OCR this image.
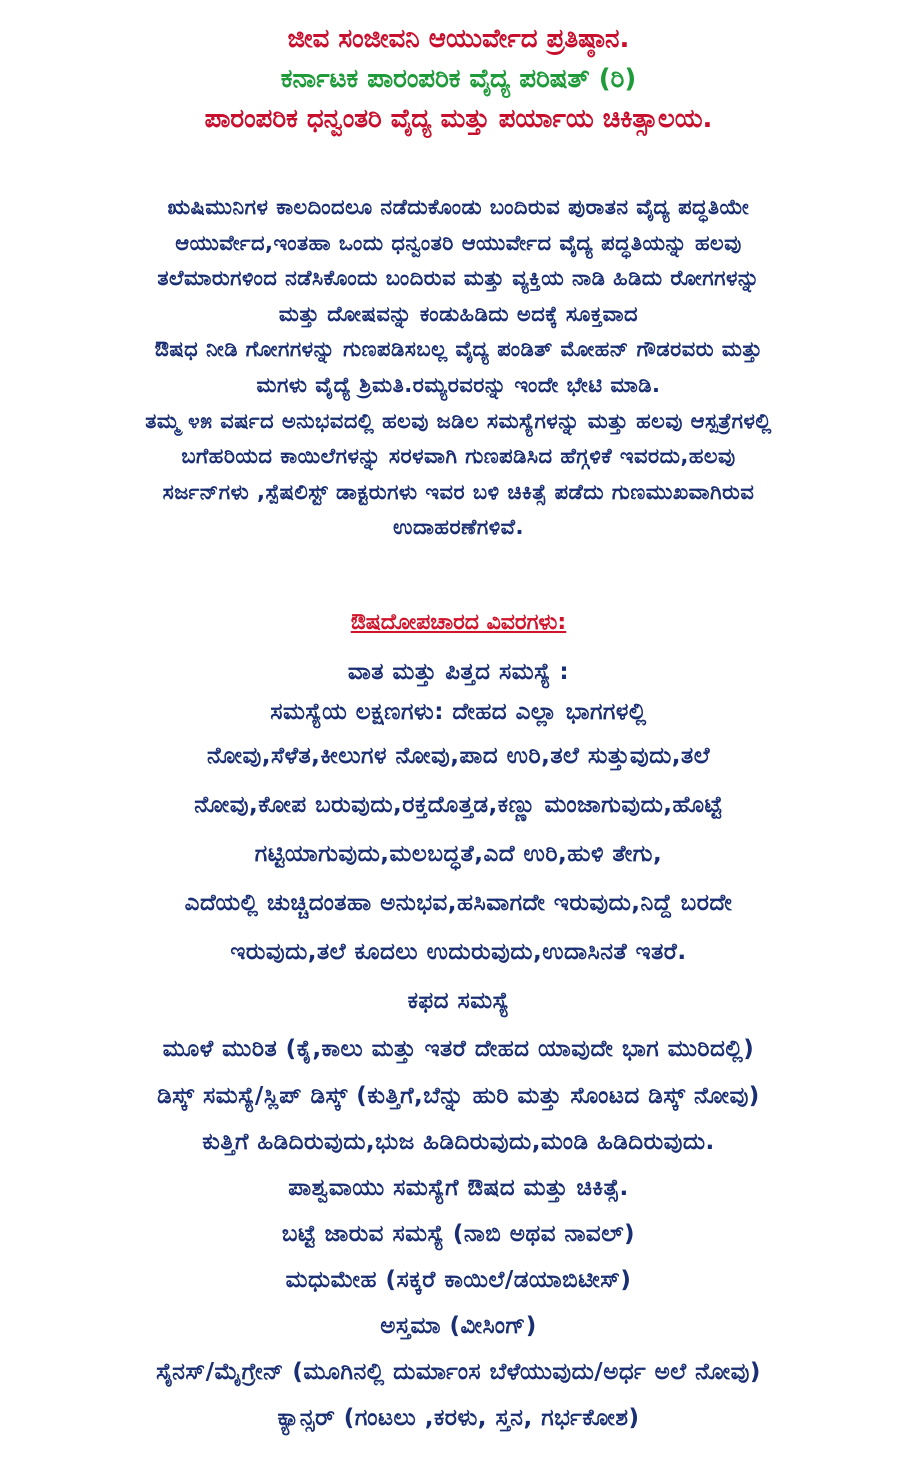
ಜೀವ ಸಂಜೀವನಿ ಆಯುರ್ವೇದ ಪ್ರತಿಷ್ಠಾನ.
ಕರ್ನಾಟಕ ಪಾರಂಪರಿಕ ವೈದ್ಯ ಪರಿಷತ್ (ರಿ)
ಪಾರಂಪರಿಕ ಧನ್ವಂತರಿ ವೈದ್ಯ ಮತ್ತು ಪರ್ಯಾಯ ಚಿಕಿತ್ಸಾಲಯ.
ಋಷಿಮುನಿಗಳ ಕಾಲದಿಂದಲೂ ನಡೆದುಕೊಂಡು ಬಂದಿರುವ ಪುರಾತನ ವೈದ್ಯ ಪದ್ಧತಿಯೇ
ಆಯುರ್ವೇದ,ಇಂತಹಾ ಒಂದು ಧನ್ವಂತರಿ ಆಯುರ್ವೇದ ವೈದ್ಯ ಪದ್ಧತಿಯನ್ನು ಹಲವು
ತಲೆಮಾರುಗಳಿಂದ ನಡೆಸಿಕೊಂದು ಬಂದಿರುವ ಮತ್ತು ವ್ಯಕ್ತಿಯ ನಾಡಿ ಹಿಡಿದು ರೋಗಗಳನ್ನು
ಮತ್ತು ದೋಷವನ್ನು ಕಂಡುಹಿಡಿದು ಅದಕ್ಕೆ ಸೂಕ್ತವಾದ
ಔಷಧ ನೀಡಿ ಗೋಗಗಳನ್ನು ಗುಣಪಡಿಸಬಲ್ಲ ವೈದ್ಯ ಪಂಡಿತ್ ಮೋಹನ್ ಗೌಡರವರು ಮತ್ತು
ಮಗಳು ವೈದ್ಯೆ ಶ್ರಿಮತಿ.ರಮ್ಯರವರನ್ನು ಇಂದೇ ಭೇಟಿ ಮಾಡಿ.
ತಮ್ಮ ೪೫ ವರ್ಷದ ಅನುಭವದಲ್ಲಿ ಹಲವು ಜಡಿಲ ಸಮಸ್ಯೆಗಳನ್ನು ಮತ್ತು ಹಲವು ಆಸ್ಪತ್ರೆಗಳಲ್ಲಿ
ಬಗೆಹರಿಯದ ಕಾಯಿಲೆಗಳನ್ನು ಸರಳವಾಗಿ ಗುಣಪಡಿಸಿದ ಹೆಗ್ಗಳಿಕೆ ಇವರದು,ಹಲವು
ಸರ್ಜನ್‌ಗಳು ,ಸ್ಪೆಷಲಿಸ್ಟ್ ಡಾಕ್ಟರುಗಳು ಇವರ ಬಳಿ ಚಿಕಿತ್ಸೆ ಪಡೆದು ಗುಣಮುಖವಾಗಿರುವ
ಉದಾಹರಣೆಗಳಿವೆ.
ಔಷದೋಪಚಾರದ ವಿವರಗಳು:
ವಾತ ಮತ್ತು ಪಿತ್ತದ ಸಮಸ್ಯೆ :
ಸಮಸ್ಯೆಯ ಲಕ್ಷಣಗಳು: ದೇಹದ ಎಲ್ಲಾ ಭಾಗಗಳಲ್ಲಿ
ನೋವು,ಸೆಳೆತ,ಕೀಲುಗಳ ನೋವು,ಪಾದ ಉರಿ,ತಲೆ ಸುತ್ತುವುದು,ತಲೆ
ನೋವು,ಕೋಪ ಬರುವುದು,ರಕ್ತದೊತ್ತಡ,ಕಣ್ಣು ಮಂಜಾಗುವುದು,ಹೊಟ್ಟೆ
ಗಟ್ಟಿಯಾಗುವುದು,ಮಲಬದ್ಧತೆ,ಎದೆ ಉರಿ,ಹುಳಿ ತೇಗು,
ಎದೆಯಲ್ಲಿ ಚುಚ್ಚಿದಂತಹಾ ಅನುಭವ,ಹಸಿವಾಗದೇ ಇರುವುದು,ನಿದ್ದೆ ಬರದೇ
ಇರುವುದು,ತಲೆ ಕೂದಲು ಉದುರುವುದು,ಉದಾಸಿನತೆ ಇತರೆ.
ಕಫದ ಸಮಸ್ಯೆ
ಮೂಳೆ ಮುರಿತ (ಕೈ,ಕಾಲು ಮತ್ತು ಇತರೆ ದೇಹದ ಯಾವುದೇ ಭಾಗ ಮುರಿದಲ್ಲಿ)
ಡಿಸ್ಕ್ ಸಮಸ್ಯೆ/ಸ್ಲಿಪ್ ಡಿಸ್ಕ್ (ಕುತ್ತಿಗೆ,ಬೆನ್ನು ಹುರಿ ಮತ್ತು ಸೊಂಟದ ಡಿಸ್ಕ್ ನೋವು)
ಕುತ್ತಿಗೆ ಹಿಡಿದಿರುವುದು,ಭುಜ ಹಿಡಿದಿರುವುದು,ಮಂಡಿ ಹಿಡಿದಿರುವುದು.
ಪಾಶ್ವವಾಯು ಸಮಸ್ಯೆಗೆ ಔಷದ ಮತ್ತು ಚಿಕಿತ್ಸೆ.
ಬಟ್ಟೆ ಜಾರುವ ಸಮಸ್ಯೆ (ನಾಬಿ ಅಥವ ನಾವಲ್)
ಮಧುಮೇಹ (ಸಕ್ಕರೆ ಕಾಯಿಲೆ/ಡಯಾಬಿಟೀಸ್)
ಅಸ್ತಮಾ (ವೀಸಿಂಗ್)
ಸೈನಸ್/ಮೈಗ್ರೇನ್ (ಮೂಗಿನಲ್ಲಿ ದುರ್ಮಾಂಸ ಬೆಳೆಯುವುದು/ಅರ್ಧ ಅಲೆ ನೋವು)
ಕ್ಯಾನ್ಸರ್ (ಗಂಟಲು ,ಕರಳು, ಸ್ತನ, ಗರ್ಭಕೋಶ)
